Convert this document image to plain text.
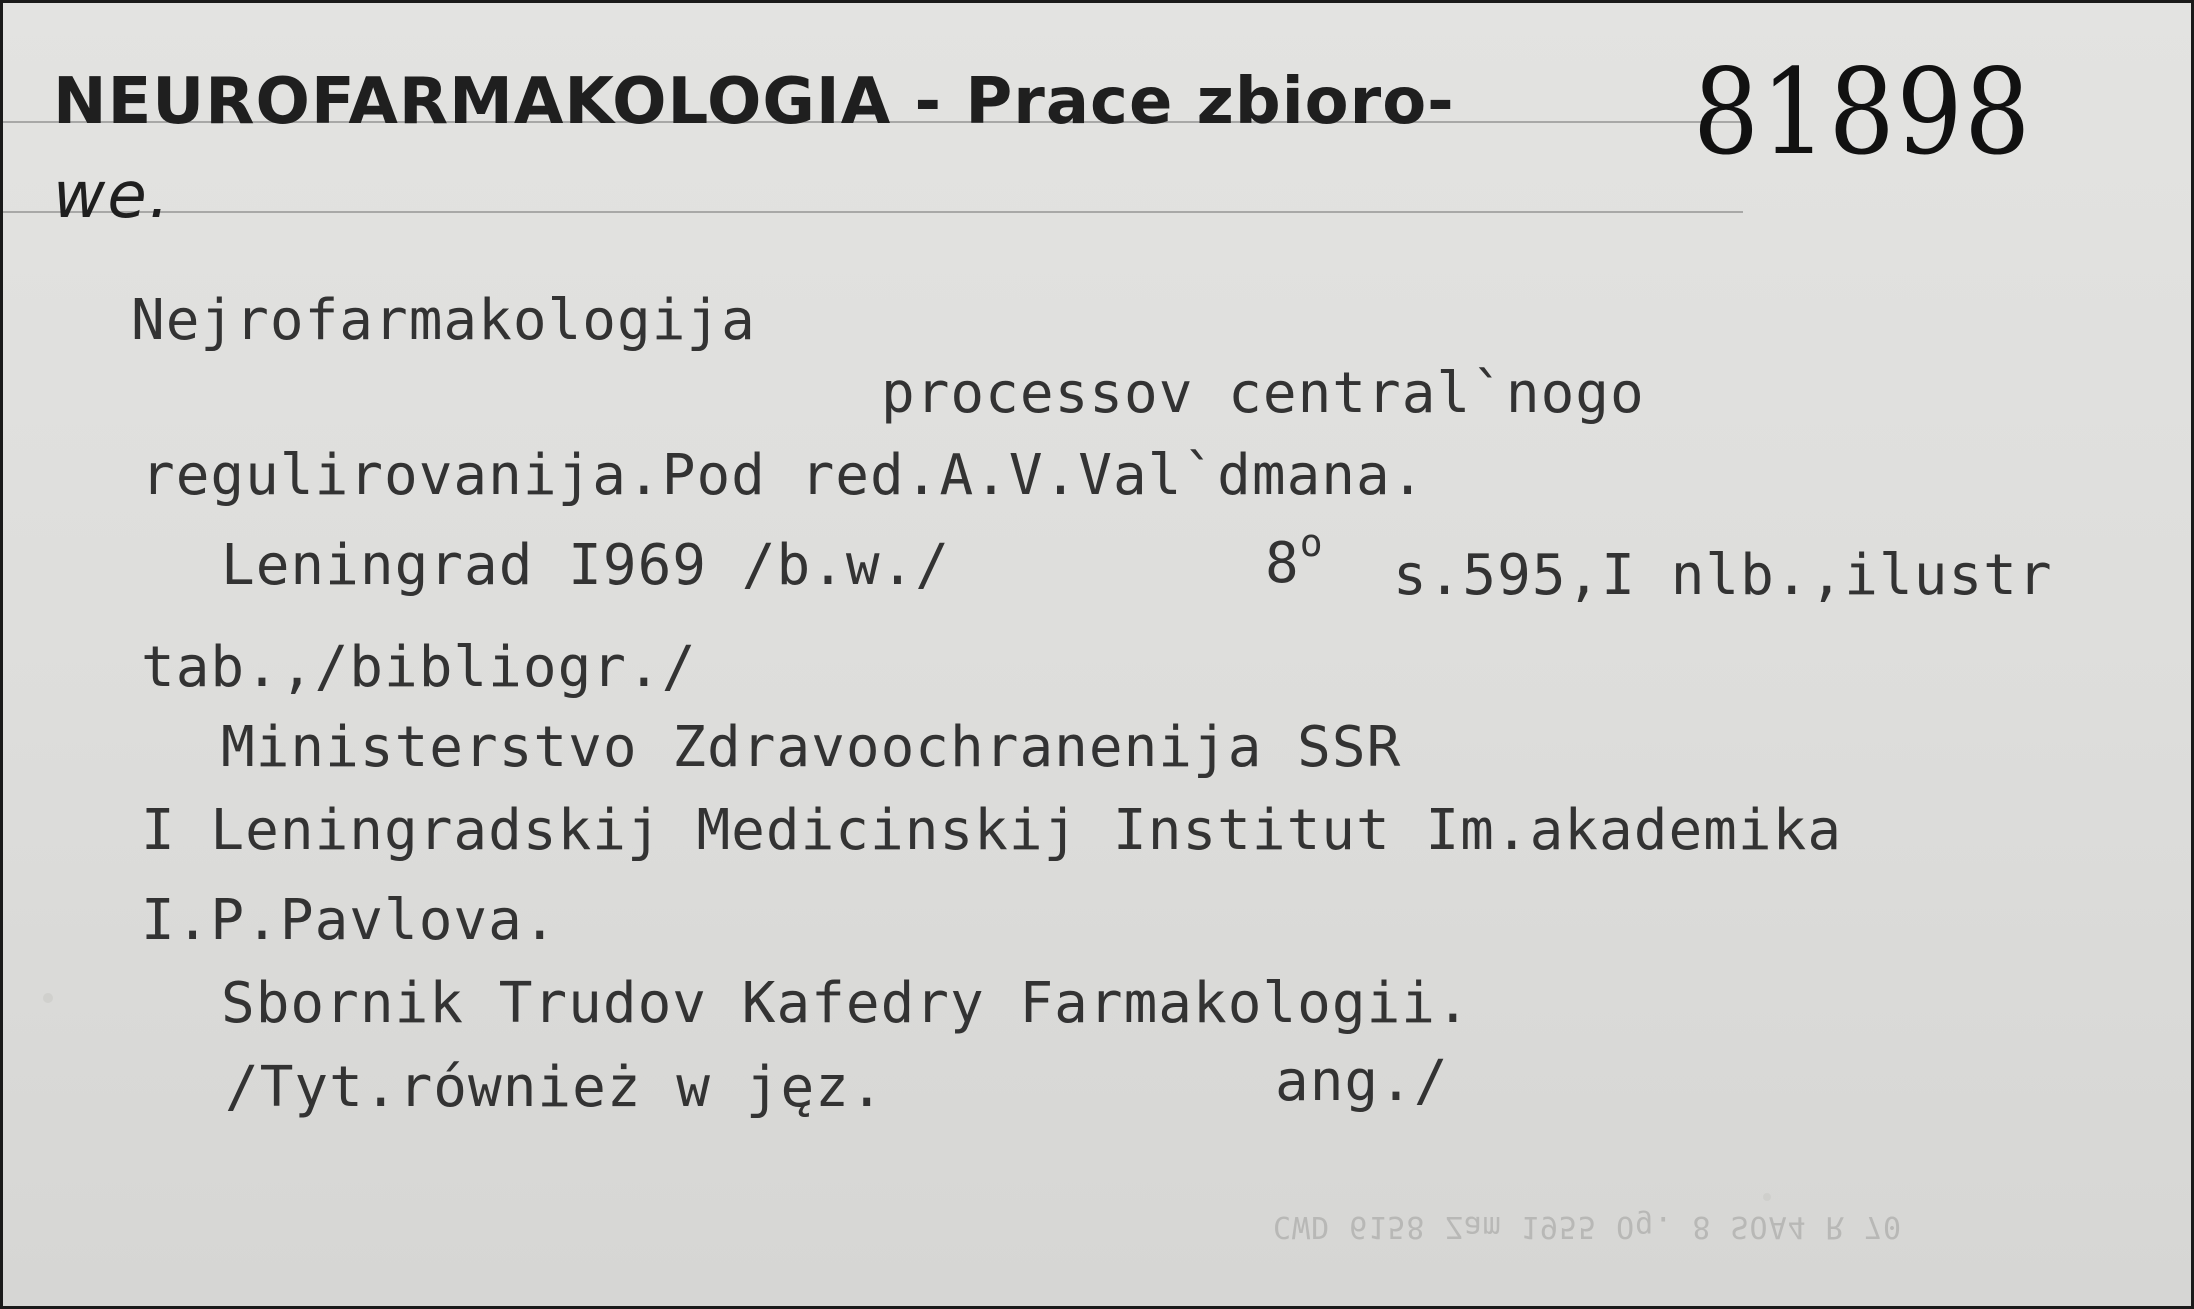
NEUROFARMAKOLOGIA - Prace zbioro-
we.
81898
Nejrofarmakologija
processov central`nogo
regulirovanija.Pod red.A.V.Val`dmana.
Leningrad I969 /b.w./	8$^o$ s.595,I nlb.,ilustr
tab.,/bibliogr./
Ministerstvo Zdravoochranenija SSR
I Leningradskij Medicinskij Institut Im.akademika
I.P.Pavlova.
Sbornik Trudov Kafedry Farmakologii.
/Tyt.również w jęz.	ang./
CWD 6158 Zam 1955 Og. 8 SOA4 R 70
